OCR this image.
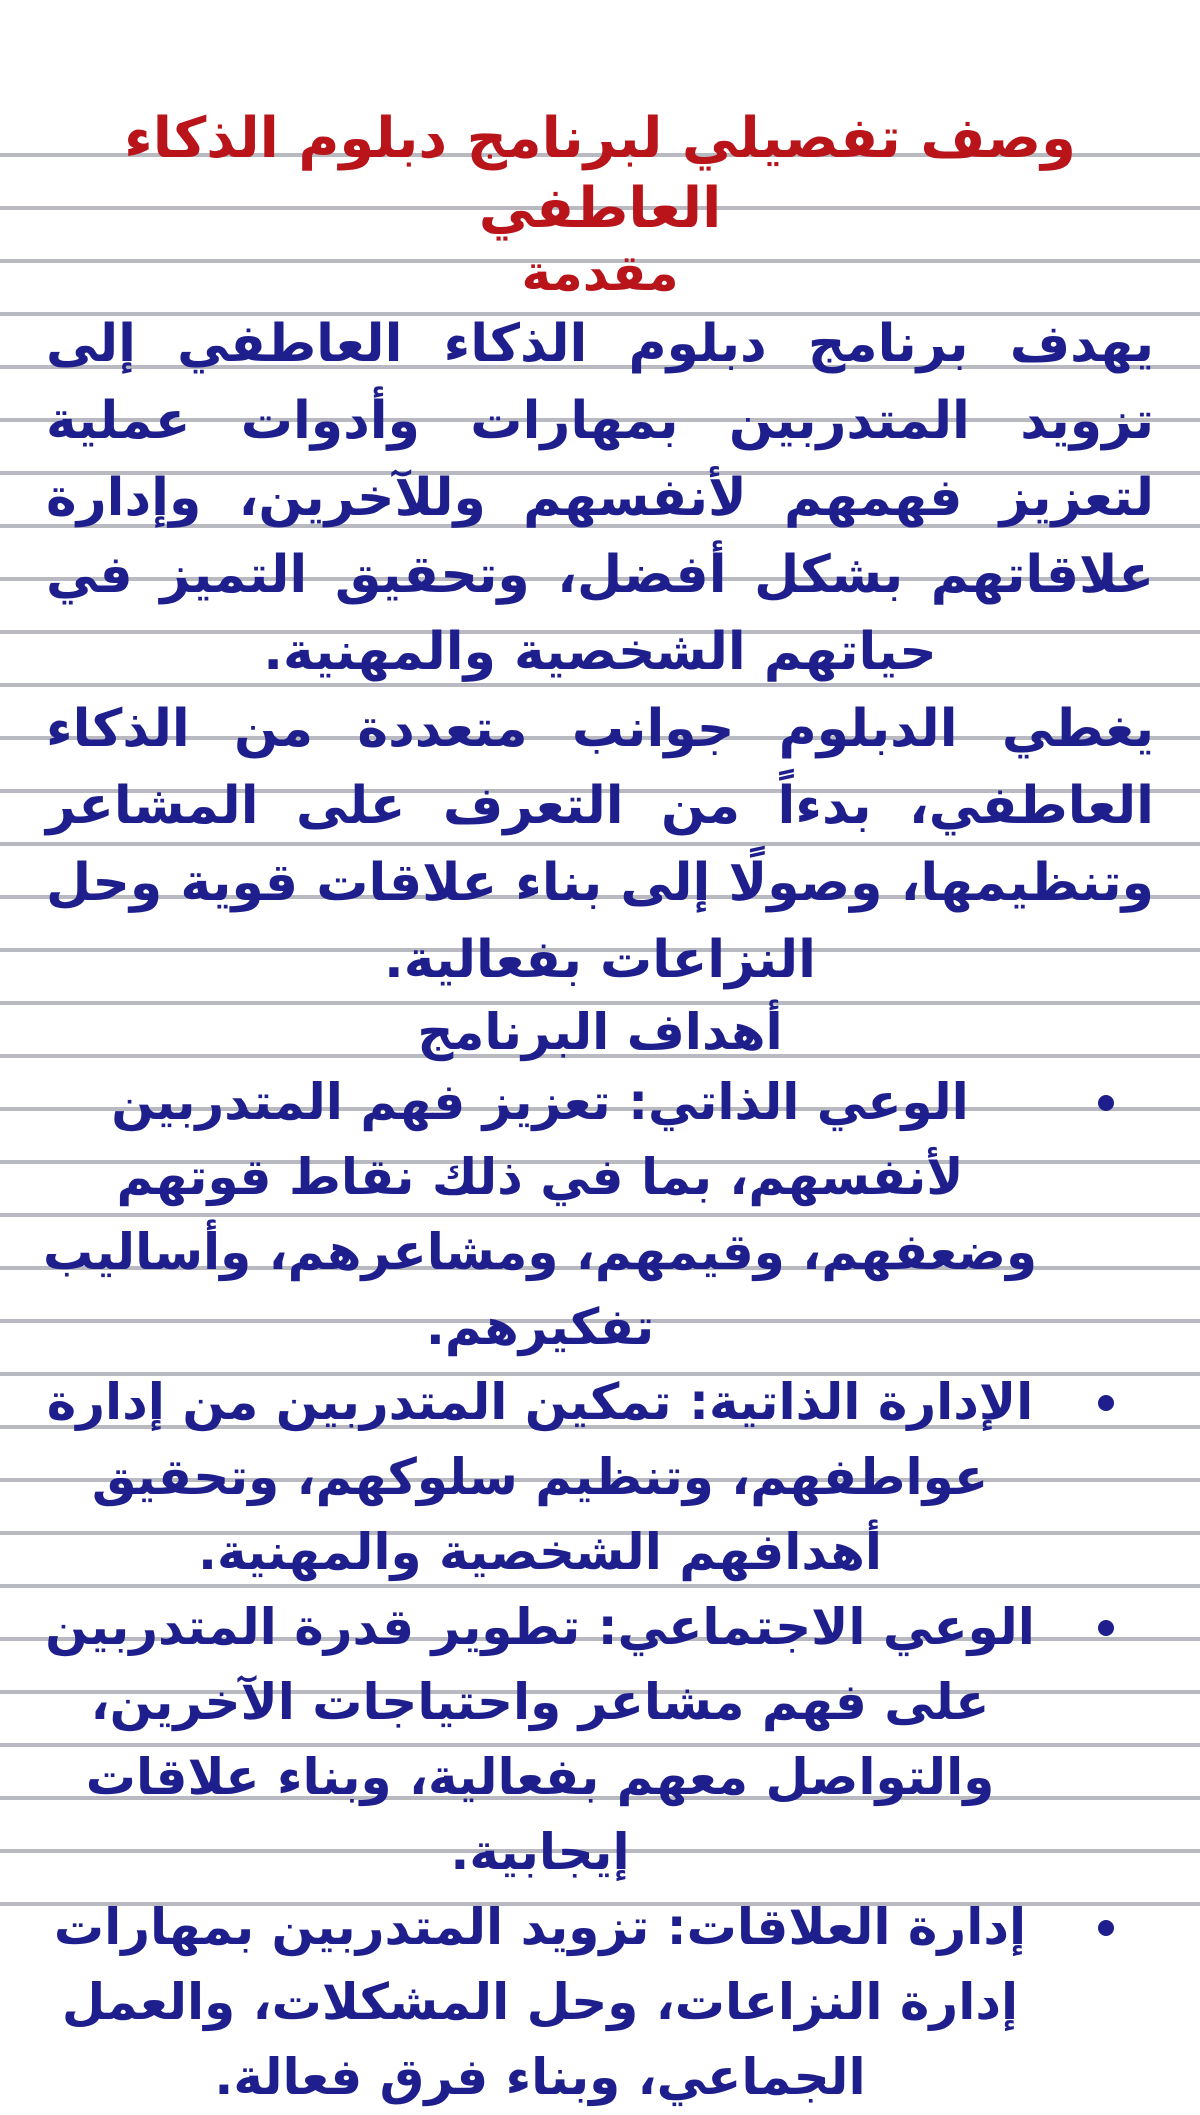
وصف تفصيلي لبرنامج دبلوم الذكاء العاطفي
مقدمة

يهدف برنامج دبلوم الذكاء العاطفي إلى تزويد المتدربين بمهارات وأدوات عملية لتعزيز فهمهم لأنفسهم وللآخرين، وإدارة علاقاتهم بشكل أفضل، وتحقيق التميز في حياتهم الشخصية والمهنية.

يغطي الدبلوم جوانب متعددة من الذكاء العاطفي، بدءاً من التعرف على المشاعر وتنظيمها، وصولًا إلى بناء علاقات قوية وحل النزاعات بفعالية.

أهداف البرنامج
الوعي الذاتي: تعزيز فهم المتدربين لأنفسهم، بما في ذلك نقاط قوتهم وضعفهم، وقيمهم، ومشاعرهم، وأساليب تفكيرهم.
الإدارة الذاتية: تمكين المتدربين من إدارة عواطفهم، وتنظيم سلوكهم، وتحقيق أهدافهم الشخصية والمهنية.
الوعي الاجتماعي: تطوير قدرة المتدربين على فهم مشاعر واحتياجات الآخرين، والتواصل معهم بفعالية، وبناء علاقات إيجابية.
إدارة العلاقات: تزويد المتدربين بمهارات إدارة النزاعات، وحل المشكلات، والعمل الجماعي، وبناء فرق فعالة.
